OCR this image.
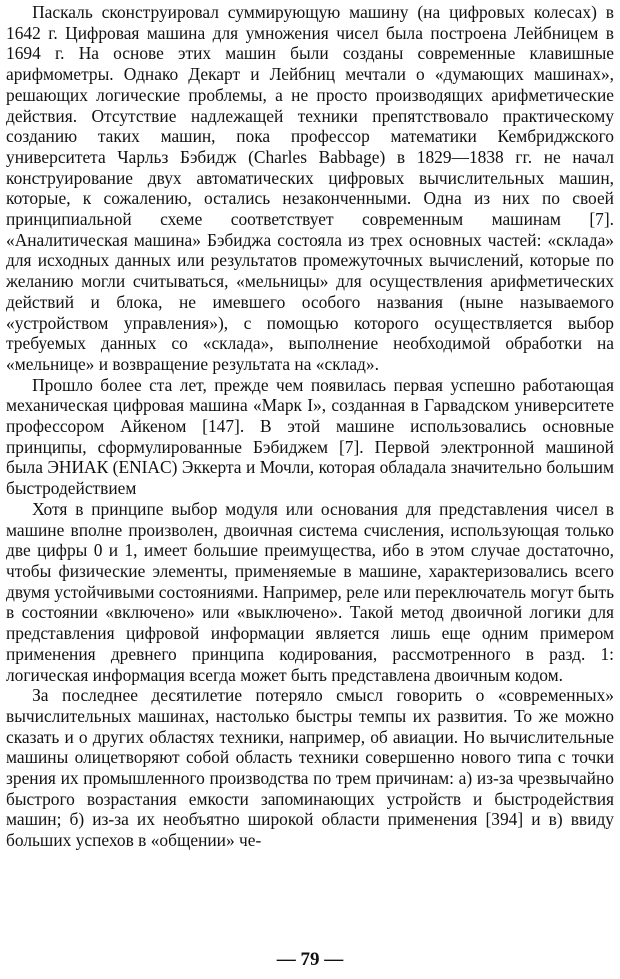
Паскаль сконструировал суммирующую машину (на цифровых колесах) в 1642 г. Цифровая машина для умножения чисел была построена Лейбницем в 1694 г. На основе этих машин были созданы современные клавишные арифмометры. Однако Декарт и Лейбниц мечтали о «думающих машинах», решающих логические проблемы, а не просто производящих арифметические действия. Отсутствие надлежащей техники препятствовало практическому созданию таких машин, пока профессор математики Кембриджского университета Чарльз Бэбидж (Charles Babbage) в 1829—1838 гг. не начал конструирование двух автоматических цифровых вычислительных машин, которые, к сожалению, остались незаконченными. Одна из них по своей принципиальной схеме соответствует современным машинам [7]. «Аналитическая машина» Бэбиджа состояла из трех основных частей: «склада» для исходных данных или результатов промежуточных вычислений, которые по желанию могли считываться, «мельницы» для осуществления арифметических действий и блока, не имевшего особого названия (ныне называемого «устройством управления»), с помощью которого осуществляется выбор требуемых данных со «склада», выполнение необходимой обработки на «мельнице» и возвращение результата на «склад».

Прошло более ста лет, прежде чем появилась первая успешно работающая механическая цифровая машина «Марк I», созданная в Гарвадском университете профессором Айкеном [147]. В этой машине использовались основные принципы, сформулированные Бэбиджем [7]. Первой электронной машиной была ЭНИАК (ENIAC) Эккерта и Мочли, которая обладала значительно большим быстродействием

Хотя в принципе выбор модуля или основания для представления чисел в машине вполне произволен, двоичная система счисления, использующая только две цифры 0 и 1, имеет большие преимущества, ибо в этом случае достаточно, чтобы физические элементы, применяемые в машине, характеризовались всего двумя устойчивыми состояниями. Например, реле или переключатель могут быть в состоянии «включено» или «выключено». Такой метод двоичной логики для представления цифровой информации является лишь еще одним примером применения древнего принципа кодирования, рассмотренного в разд. 1: логическая информация всегда может быть представлена двоичным кодом.

За последнее десятилетие потеряло смысл говорить о «современных» вычислительных машинах, настолько быстры темпы их развития. То же можно сказать и о других областях техники, например, об авиации. Но вычислительные машины олицетворяют собой область техники совершенно нового типа с точки зрения их промышленного производства по трем причинам: а) из-за чрезвычайно быстрого возрастания емкости запоминающих устройств и быстродействия машин; б) из-за их необъятно широкой области применения [394] и в) ввиду больших успехов в «общении» че-

— 79 —
